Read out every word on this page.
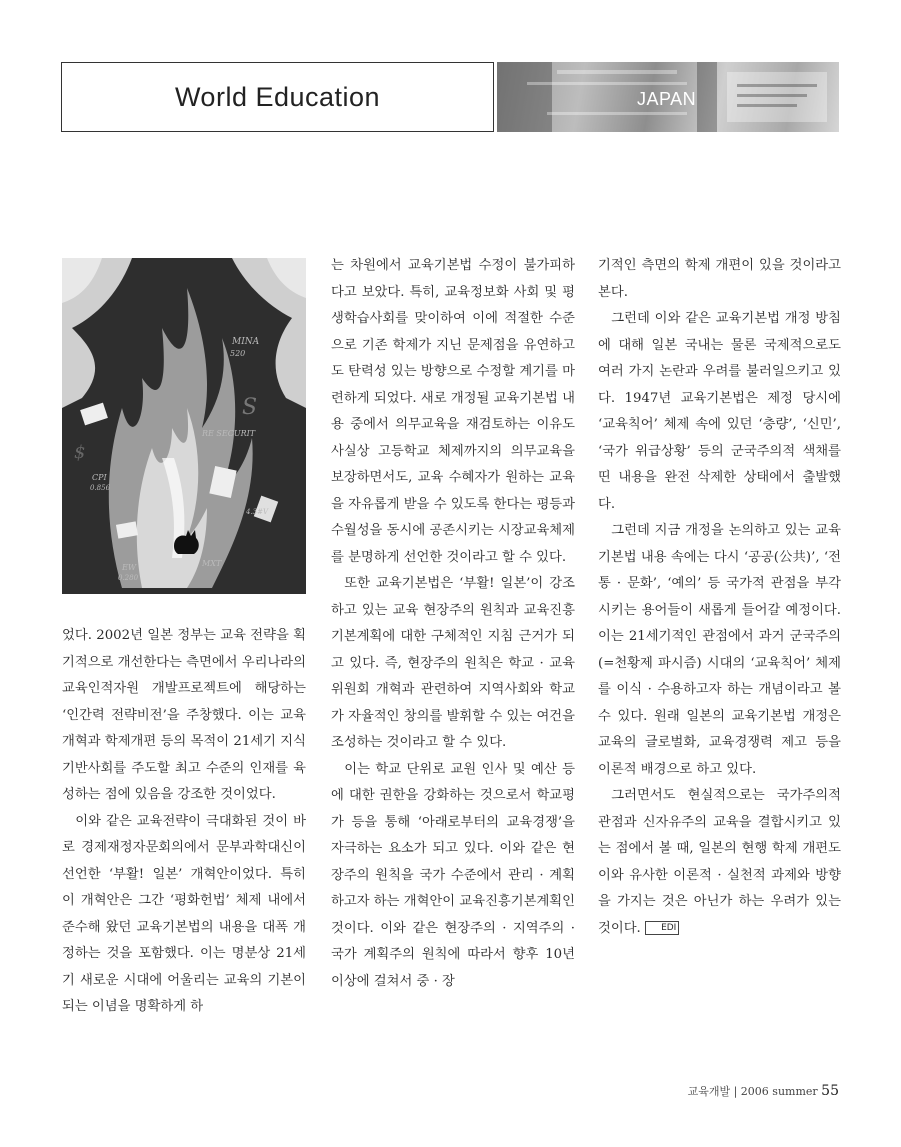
World Education	JAPAN
MINA
520
S
RE SECURIT
CPI
0.856
$
4.3#V
EW
0.280
MXT

었다. 2002년 일본 정부는 교육 전략을 획기적으로 개선한다는 측면에서 우리나라의 교육인적자원 개발프로젝트에 해당하는 ‘인간력 전략비전’을 주창했다. 이는 교육개혁과 학제개편 등의 목적이 21세기 지식기반사회를 주도할 최고 수준의 인재를 육성하는 점에 있음을 강조한 것이었다.

이와 같은 교육전략이 극대화된 것이 바로 경제재정자문회의에서 문부과학대신이 선언한 ‘부활! 일본’ 개혁안이었다. 특히 이 개혁안은 그간 ‘평화헌법’ 체제 내에서 준수해 왔던 교육기본법의 내용을 대폭 개정하는 것을 포함했다. 이는 명분상 21세기 새로운 시대에 어울리는 교육의 기본이 되는 이념을 명확하게 하

는 차원에서 교육기본법 수정이 불가피하다고 보았다. 특히, 교육정보화 사회 및 평생학습사회를 맞이하여 이에 적절한 수준으로 기존 학제가 지닌 문제점을 유연하고도 탄력성 있는 방향으로 수정할 계기를 마련하게 되었다. 새로 개정될 교육기본법 내용 중에서 의무교육을 재검토하는 이유도 사실상 고등학교 체제까지의 의무교육을 보장하면서도, 교육 수혜자가 원하는 교육을 자유롭게 받을 수 있도록 한다는 평등과 수월성을 동시에 공존시키는 시장교육체제를 분명하게 선언한 것이라고 할 수 있다.

또한 교육기본법은 ‘부활! 일본’이 강조하고 있는 교육 현장주의 원칙과 교육진흥기본계획에 대한 구체적인 지침 근거가 되고 있다. 즉, 현장주의 원칙은 학교 · 교육위원회 개혁과 관련하여 지역사회와 학교가 자율적인 창의를 발휘할 수 있는 여건을 조성하는 것이라고 할 수 있다.

이는 학교 단위로 교원 인사 및 예산 등에 대한 권한을 강화하는 것으로서 학교평가 등을 통해 ‘아래로부터의 교육경쟁’을 자극하는 요소가 되고 있다. 이와 같은 현장주의 원칙을 국가 수준에서 관리 · 계획하고자 하는 개혁안이 교육진흥기본계획인 것이다. 이와 같은 현장주의 · 지역주의 · 국가 계획주의 원칙에 따라서 향후 10년 이상에 걸쳐서 중 · 장

기적인 측면의 학제 개편이 있을 것이라고 본다.

그런데 이와 같은 교육기본법 개정 방침에 대해 일본 국내는 물론 국제적으로도 여러 가지 논란과 우려를 불러일으키고 있다. 1947년 교육기본법은 제정 당시에 ‘교육칙어’ 체제 속에 있던 ‘충량’, ‘신민’, ‘국가 위급상황’ 등의 군국주의적 색채를 띤 내용을 완전 삭제한 상태에서 출발했다.

그런데 지금 개정을 논의하고 있는 교육기본법 내용 속에는 다시 ‘공공(公共)’, ‘전통 · 문화’, ‘예의’ 등 국가적 관점을 부각시키는 용어들이 새롭게 들어갈 예정이다. 이는 21세기적인 관점에서 과거 군국주의(=천황제 파시즘) 시대의 ‘교육칙어’ 체제를 이식 · 수용하고자 하는 개념이라고 볼 수 있다. 원래 일본의 교육기본법 개정은 교육의 글로벌화, 교육경쟁력 제고 등을 이론적 배경으로 하고 있다.

그러면서도 현실적으로는 국가주의적 관점과 신자유주의 교육을 결합시키고 있는 점에서 볼 때, 일본의 현행 학제 개편도 이와 유사한 이론적 · 실천적 과제와 방향을 가지는 것은 아닌가 하는 우려가 있는 것이다. EDI

교육개발 | 2006 summer 55
